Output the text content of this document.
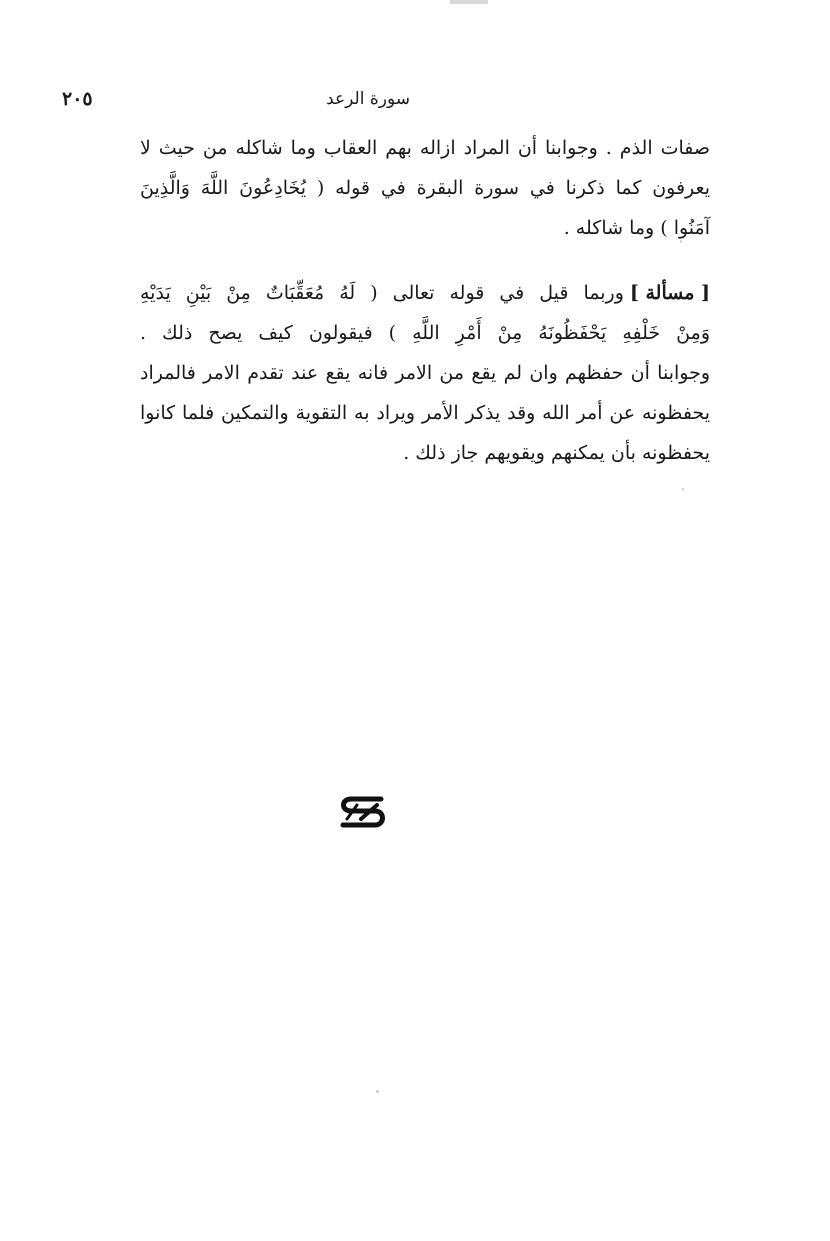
سورة الرعد
٢٠٥
صفات الذم . وجوابنا أن المراد ازاله بهم العقاب وما شاكله من حيث لا
يعرفون كما ذكرنا في سورة البقرة في قوله ( يُخَادِعُونَ اللَّهَ وَالَّذِينَ
آمَنُوا ) وما شاكله .
[ مسألة ]وربما قيل في قوله تعالى ( لَهُ مُعَقِّبَاتٌ مِنْ بَيْنِ يَدَيْهِ
وَمِنْ خَلْفِهِ يَحْفَظُونَهُ مِنْ أَمْرِ اللَّهِ ) فيقولون كيف يصح ذلك .
وجوابنا أن حفظهم وان لم يقع من الامر فانه يقع عند تقدم الامر فالمراد
يحفظونه عن أمر الله وقد يذكر الأمر ويراد به التقوية والتمكين فلما كانوا
يحفظونه بأن يمكنهم ويقويهم جاز ذلك .
